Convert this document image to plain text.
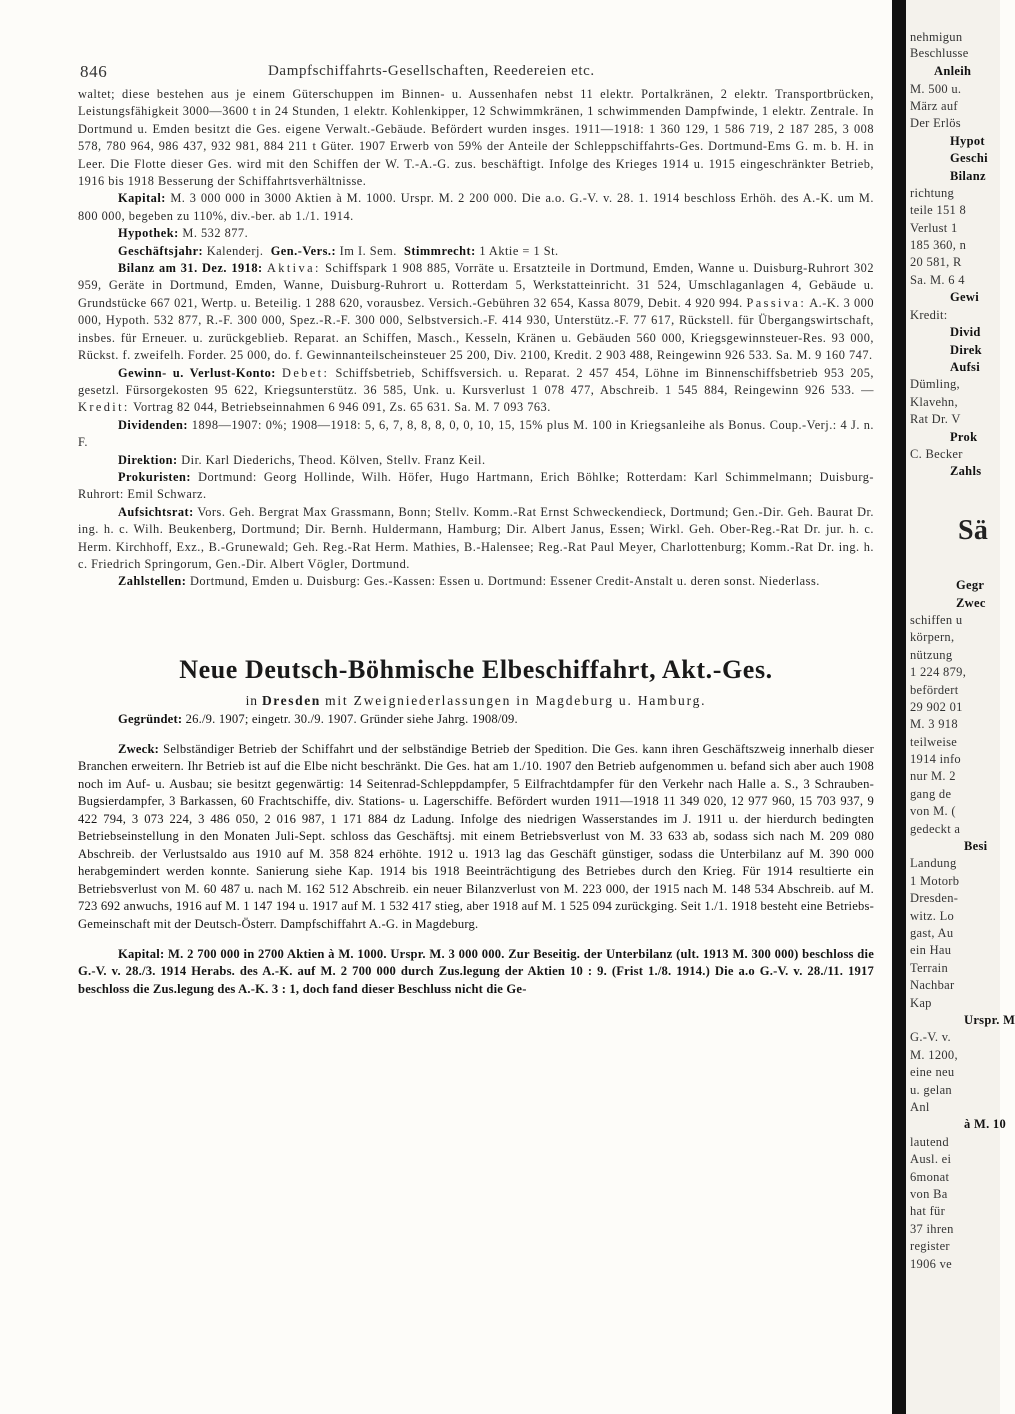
846	Dampfschiffahrts-Gesellschaften, Reedereien etc.

waltet; diese bestehen aus je einem Güterschuppen im Binnen- u. Aussenhafen nebst 11 elektr. Portalkränen, 2 elektr. Transportbrücken, Leistungsfähigkeit 3000—3600 t in 24 Stunden, 1 elektr. Kohlenkipper, 12 Schwimmkränen, 1 schwimmenden Dampfwinde, 1 elektr. Zentrale. In Dortmund u. Emden besitzt die Ges. eigene Verwalt.-Gebäude. Befördert wurden insges. 1911—1918: 1 360 129, 1 586 719, 2 187 285, 3 008 578, 780 964, 986 437, 932 981, 884 211 t Güter. 1907 Erwerb von 59% der Anteile der Schleppschiffahrts-Ges. Dortmund-Ems G. m. b. H. in Leer. Die Flotte dieser Ges. wird mit den Schiffen der W. T.-A.-G. zus. beschäftigt. Infolge des Krieges 1914 u. 1915 eingeschränkter Betrieb, 1916 bis 1918 Besserung der Schiffahrtsverhältnisse.

Kapital: M. 3 000 000 in 3000 Aktien à M. 1000. Urspr. M. 2 200 000. Die a.o. G.-V. v. 28. 1. 1914 beschloss Erhöh. des A.-K. um M. 800 000, begeben zu 110%, div.-ber. ab 1./1. 1914.

Hypothek: M. 532 877.

Geschäftsjahr: Kalenderj. Gen.-Vers.: Im I. Sem. Stimmrecht: 1 Aktie = 1 St.

Bilanz am 31. Dez. 1918: Aktiva: Schiffspark 1 908 885, Vorräte u. Ersatzteile in Dortmund, Emden, Wanne u. Duisburg-Ruhrort 302 959, Geräte in Dortmund, Emden, Wanne, Duisburg-Ruhrort u. Rotterdam 5, Werkstatteinricht. 31 524, Umschlaganlagen 4, Gebäude u. Grundstücke 667 021, Wertp. u. Beteilig. 1 288 620, vorausbez. Versich.-Gebühren 32 654, Kassa 8079, Debit. 4 920 994. Passiva: A.-K. 3 000 000, Hypoth. 532 877, R.-F. 300 000, Spez.-R.-F. 300 000, Selbstversich.-F. 414 930, Unterstütz.-F. 77 617, Rückstell. für Übergangswirtschaft, insbes. für Erneuer. u. zurückgeblieb. Reparat. an Schiffen, Masch., Kesseln, Kränen u. Gebäuden 560 000, Kriegsgewinnsteuer-Res. 93 000, Rückst. f. zweifelh. Forder. 25 000, do. f. Gewinnanteilscheinsteuer 25 200, Div. 2100, Kredit. 2 903 488, Reingewinn 926 533. Sa. M. 9 160 747.

Gewinn- u. Verlust-Konto: Debet: Schiffsbetrieb, Schiffsversich. u. Reparat. 2 457 454, Löhne im Binnenschiffsbetrieb 953 205, gesetzl. Fürsorgekosten 95 622, Kriegsunterstütz. 36 585, Unk. u. Kursverlust 1 078 477, Abschreib. 1 545 884, Reingewinn 926 533. — Kredit: Vortrag 82 044, Betriebseinnahmen 6 946 091, Zs. 65 631. Sa. M. 7 093 763.

Dividenden: 1898—1907: 0%; 1908—1918: 5, 6, 7, 8, 8, 8, 0, 0, 10, 15, 15% plus M. 100 in Kriegsanleihe als Bonus. Coup.-Verj.: 4 J. n. F.

Direktion: Dir. Karl Diederichs, Theod. Kölven, Stellv. Franz Keil.

Prokuristen: Dortmund: Georg Hollinde, Wilh. Höfer, Hugo Hartmann, Erich Böhlke; Rotterdam: Karl Schimmelmann; Duisburg-Ruhrort: Emil Schwarz.

Aufsichtsrat: Vors. Geh. Bergrat Max Grassmann, Bonn; Stellv. Komm.-Rat Ernst Schweckendieck, Dortmund; Gen.-Dir. Geh. Baurat Dr. ing. h. c. Wilh. Beukenberg, Dortmund; Dir. Bernh. Huldermann, Hamburg; Dir. Albert Janus, Essen; Wirkl. Geh. Ober-Reg.-Rat Dr. jur. h. c. Herm. Kirchhoff, Exz., B.-Grunewald; Geh. Reg.-Rat Herm. Mathies, B.-Halensee; Reg.-Rat Paul Meyer, Charlottenburg; Komm.-Rat Dr. ing. h. c. Friedrich Springorum, Gen.-Dir. Albert Vögler, Dortmund.

Zahlstellen: Dortmund, Emden u. Duisburg: Ges.-Kassen: Essen u. Dortmund: Essener Credit-Anstalt u. deren sonst. Niederlass.

Neue Deutsch-Böhmische Elbeschiffahrt, Akt.-Ges.
in Dresden mit Zweigniederlassungen in Magdeburg u. Hamburg.

Gegründet: 26./9. 1907; eingetr. 30./9. 1907. Gründer siehe Jahrg. 1908/09.

Zweck: Selbständiger Betrieb der Schiffahrt und der selbständige Betrieb der Spedition. Die Ges. kann ihren Geschäftszweig innerhalb dieser Branchen erweitern. Ihr Betrieb ist auf die Elbe nicht beschränkt. Die Ges. hat am 1./10. 1907 den Betrieb aufgenommen u. befand sich aber auch 1908 noch im Auf- u. Ausbau; sie besitzt gegenwärtig: 14 Seitenrad-Schleppdampfer, 5 Eilfrachtdampfer für den Verkehr nach Halle a. S., 3 Schrauben-Bugsierdampfer, 3 Barkassen, 60 Frachtschiffe, div. Stations- u. Lagerschiffe. Befördert wurden 1911—1918 11 349 020, 12 977 960, 15 703 937, 9 422 794, 3 073 224, 3 486 050, 2 016 987, 1 171 884 dz Ladung. Infolge des niedrigen Wasserstandes im J. 1911 u. der hierdurch bedingten Betriebseinstellung in den Monaten Juli-Sept. schloss das Geschäftsj. mit einem Betriebsverlust von M. 33 633 ab, sodass sich nach M. 209 080 Abschreib. der Verlustsaldo aus 1910 auf M. 358 824 erhöhte. 1912 u. 1913 lag das Geschäft günstiger, sodass die Unterbilanz auf M. 390 000 herabgemindert werden konnte. Sanierung siehe Kap. 1914 bis 1918 Beeinträchtigung des Betriebes durch den Krieg. Für 1914 resultierte ein Betriebsverlust von M. 60 487 u. nach M. 162 512 Abschreib. ein neuer Bilanzverlust von M. 223 000, der 1915 nach M. 148 534 Abschreib. auf M. 723 692 anwuchs, 1916 auf M. 1 147 194 u. 1917 auf M. 1 532 417 stieg, aber 1918 auf M. 1 525 094 zurückging. Seit 1./1. 1918 besteht eine Betriebs-Gemeinschaft mit der Deutsch-Österr. Dampfschiffahrt A.-G. in Magdeburg.

Kapital: M. 2 700 000 in 2700 Aktien à M. 1000. Urspr. M. 3 000 000. Zur Beseitig. der Unterbilanz (ult. 1913 M. 300 000) beschloss die G.-V. v. 28./3. 1914 Herabs. des A.-K. auf M. 2 700 000 durch Zus.legung der Aktien 10 : 9. (Frist 1./8. 1914.) Die a.o G.-V. v. 28./11. 1917 beschloss die Zus.legung des A.-K. 3 : 1, doch fand dieser Beschluss nicht die Ge-

nehmigun
Beschlusse
Anleih
M. 500 u.
März auf
Der Erlös
Hypot
Geschi
Bilanz
richtung
teile 151 8
Verlust 1
185 360, n
20 581, R
Sa. M. 6 4
Gewi
Kredit:
Divid
Direk
Aufsi
Dümling,
Klavehn,
Rat Dr. V
Prok
C. Becker
Zahls
Sä
Gegr
Zwec
schiffen u
körpern,
nützung
1 224 879,
befördert
29 902 01
M. 3 918
teilweise
1914 info
nur M. 2
gang de
von M. (
gedeckt a
Besi
Landung
1 Motorb
Dresden-
witz. Lo
gast, Au
ein Hau
Terrain
Nachbar
Kap
Urspr. M
G.-V. v.
M. 1200,
eine neu
u. gelan
Anl
à M. 10
lautend
Ausl. ei
6monat
von Ba
hat für
37 ihren
register
1906 ve
